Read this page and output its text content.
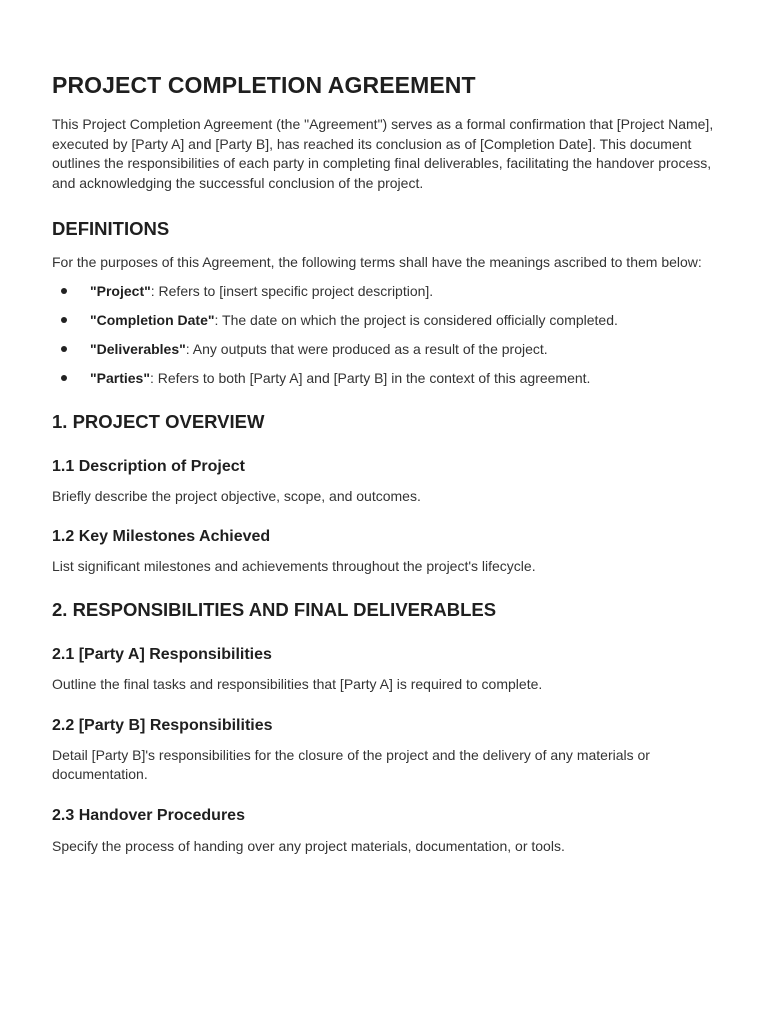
PROJECT COMPLETION AGREEMENT

This Project Completion Agreement (the "Agreement") serves as a formal confirmation that [Project Name], executed by [Party A] and [Party B], has reached its conclusion as of [Completion Date]. This document outlines the responsibilities of each party in completing final deliverables, facilitating the handover process, and acknowledging the successful conclusion of the project.

DEFINITIONS

For the purposes of this Agreement, the following terms shall have the meanings ascribed to them below:

"Project": Refers to [insert specific project description].
"Completion Date": The date on which the project is considered officially completed.
"Deliverables": Any outputs that were produced as a result of the project.
"Parties": Refers to both [Party A] and [Party B] in the context of this agreement.
1. PROJECT OVERVIEW
1.1 Description of Project

Briefly describe the project objective, scope, and outcomes.

1.2 Key Milestones Achieved

List significant milestones and achievements throughout the project's lifecycle.

2. RESPONSIBILITIES AND FINAL DELIVERABLES
2.1 [Party A] Responsibilities

Outline the final tasks and responsibilities that [Party A] is required to complete.

2.2 [Party B] Responsibilities

Detail [Party B]'s responsibilities for the closure of the project and the delivery of any materials or documentation.

2.3 Handover Procedures

Specify the process of handing over any project materials, documentation, or tools.
